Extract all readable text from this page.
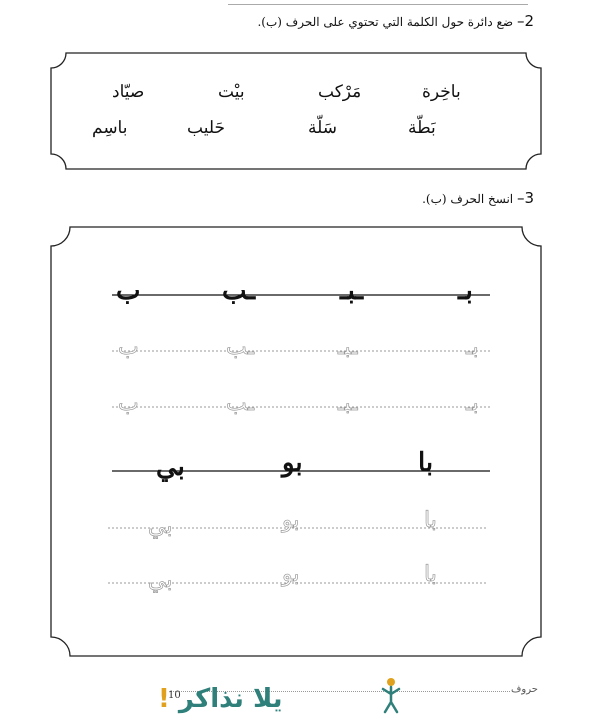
2– ضع دائرة حول الكلمة التي تحتوي على الحرف (ب).
باخِرة
مَرْكب
بيْت
صيّاد
بَطّة
سَلّة
حَليب
باسِم
3– انسخ الحرف (ب).
بـ
ـبـ
ـب
ب
بـ
ـبـ
ـب
ب
بـ
ـبـ
ـب
ب
با
بو
بي
با
بو
بي
با
بو
بي
حروف
10
يلا نذاكر !
